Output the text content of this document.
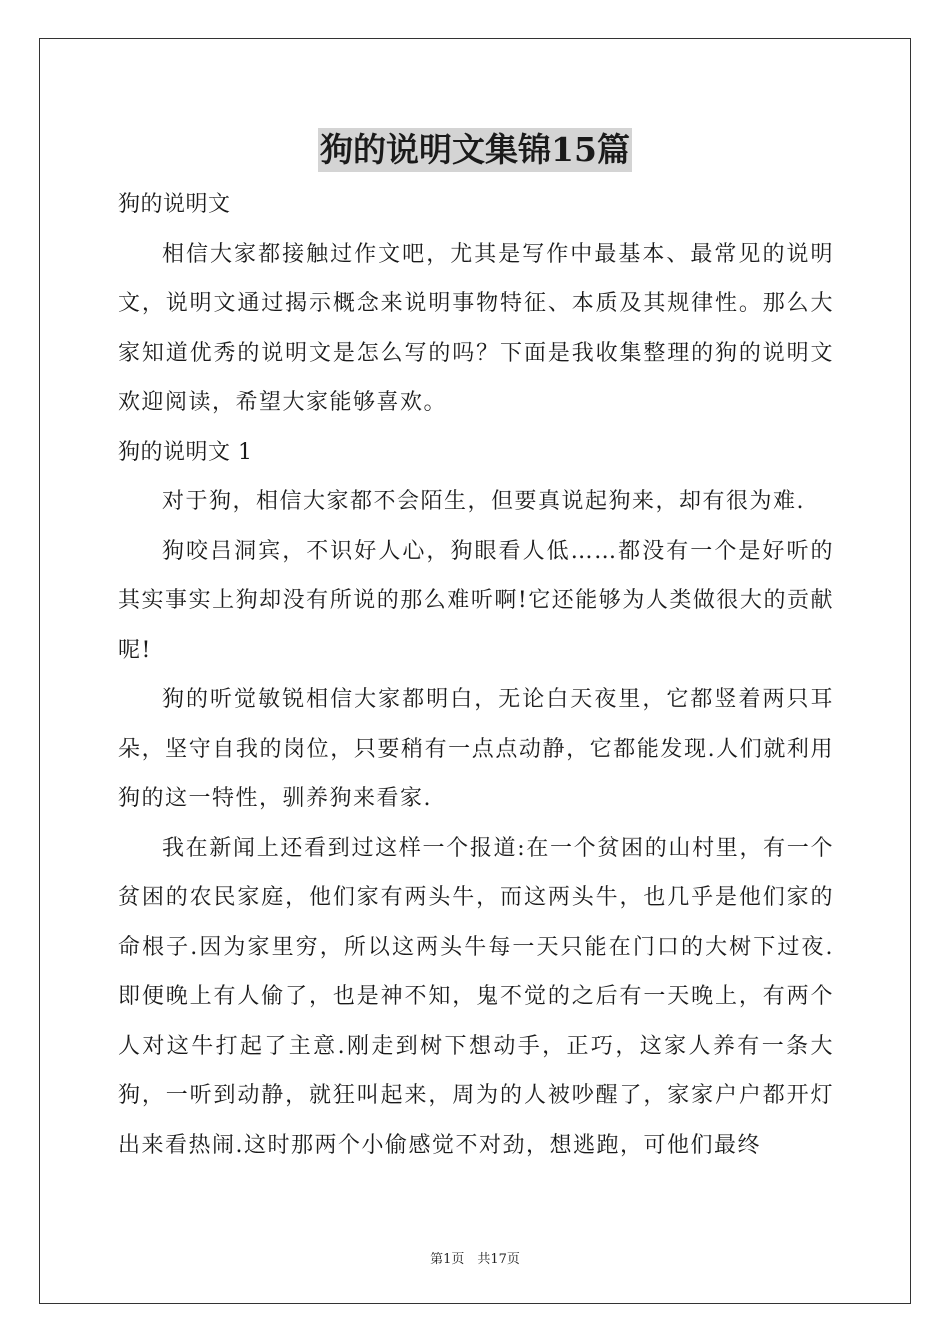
狗的说明文集锦15篇
狗的说明文

相信大家都接触过作文吧，尤其是写作中最基本、最常见的说明文，说明文通过揭示概念来说明事物特征、本质及其规律性。那么大家知道优秀的说明文是怎么写的吗？下面是我收集整理的狗的说明文欢迎阅读，希望大家能够喜欢。

狗的说明文 1

对于狗，相信大家都不会陌生，但要真说起狗来，却有很为难.

狗咬吕洞宾，不识好人心，狗眼看人低……都没有一个是好听的其实事实上狗却没有所说的那么难听啊!它还能够为人类做很大的贡献呢!

狗的听觉敏锐相信大家都明白，无论白天夜里，它都竖着两只耳朵，坚守自我的岗位，只要稍有一点点动静，它都能发现.人们就利用狗的这一特性，驯养狗来看家.

我在新闻上还看到过这样一个报道:在一个贫困的山村里，有一个贫困的农民家庭，他们家有两头牛，而这两头牛，也几乎是他们家的命根子.因为家里穷，所以这两头牛每一天只能在门口的大树下过夜.即便晚上有人偷了，也是神不知，鬼不觉的之后有一天晚上，有两个人对这牛打起了主意.刚走到树下想动手，正巧，这家人养有一条大狗，一听到动静，就狂叫起来，周为的人被吵醒了，家家户户都开灯出来看热闹.这时那两个小偷感觉不对劲，想逃跑，可他们最终

第1页　共17页
